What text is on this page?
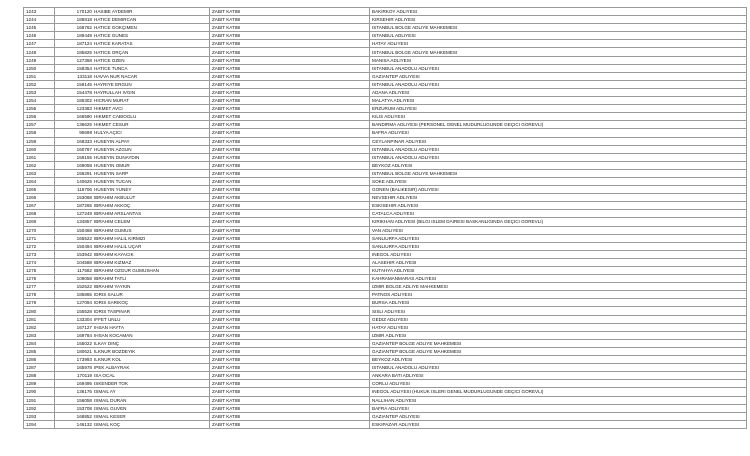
1243	170120	HASIBE AYDEMIR	ZABIT KATIBI	BAKIRKOY ADLIYESI
1244	186818	HATICE DEMIRCAN	ZABIT KATIBI	KIRSEHIR ADLIYESI
1245	166762	HATICE GOKÇIMEN	ZABIT KATIBI	ISTANBUL BOLGE ADLIYE MAHKEMESI
1246	189448	HATICE GUNES	ZABIT KATIBI	ISTANBUL ADLIYESI
1247	187124	HATICE KARATAS	ZABIT KATIBI	HATAY ADLIYESI
1248	185825	HATICE ORÇAN	ZABIT KATIBI	ISTANBUL BOLGE ADLIYE MAHKEMESI
1249	127368	HATICE OZEN	ZABIT KATIBI	MANISA ADLIYESI
1250	158354	HATICE TUNCA	ZABIT KATIBI	ISTANBUL ANADOLU ADLIYESI
1251	133118	HAVVA NUR NACAR	ZABIT KATIBI	GAZIANTEP ADLIYESI
1252	159145	HAYRIYE ERGUN	ZABIT KATIBI	ISTANBUL ANADOLU ADLIYESI
1253	154478	HAYRULLAH IVGIN	ZABIT KATIBI	ADANA ADLIYESI
1254	185302	HICRAN MURAT	ZABIT KATIBI	MALATYA ADLIYESI
1255	123383	HIKMET AVCI	ZABIT KATIBI	ERZURUM ADLIYESI
1256	166590	HIKMET CABIOGLU	ZABIT KATIBI	KILIS ADLIYESI
1257	136625	HIKMET CESUR	ZABIT KATIBI	BANDIRMA ADLIYESI (PERSONEL GENEL MUDURLUGUNDE GEÇICI GOREVLI)
1258	95698	HULYA AÇICI	ZABIT KATIBI	BAFRA ADLIYESI
1259	168333	HUSEYIN ALPAY	ZABIT KATIBI	CEYLANPINAR ADLIYESI
1260	160787	HUSEYIN AZGUN	ZABIT KATIBI	ISTANBUL ANADOLU ADLIYESI
1261	159155	HUSEYIN DUNAYDIN	ZABIT KATIBI	ISTANBUL ANADOLU ADLIYESI
1262	169058	HUSEYIN OMUR	ZABIT KATIBI	BEYKOZ ADLIYESI
1263	156291	HUSEYIN SARP	ZABIT KATIBI	ISTANBUL BOLGE ADLIYE MAHKEMESI
1264	140625	HUSEYIN TUCAN	ZABIT KATIBI	SOKE ADLIYESI
1265	116706	HUSEYIN YUNEY	ZABIT KATIBI	GONEN (BALIKESIR) ADLIYESI
1266	153068	IBRAHIM AKBULUT	ZABIT KATIBI	NEVSEHIR ADLIYESI
1267	187265	IBRAHIM AKKOÇ	ZABIT KATIBI	ESKISEHIR ADLIYESI
1268	127249	IBRAHIM ARSLANTAS	ZABIT KATIBI	CATALCA ADLIYESI
1269	134857	IBRAHIM CELEM	ZABIT KATIBI	KIRIKHAN ADLIYESI (BILGI ISLEM DAIRESI BASKANLIGINDA GEÇICI GOREVLI)
1270	150468	IBRAHIM GUMUS	ZABIT KATIBI	VAN ADLIYESI
1271	165522	IBRAHIM HALIL KIRMIZI	ZABIT KATIBI	SANLIURFA ADLIYESI
1272	150494	IBRAHIM HALIL UÇAR	ZABIT KATIBI	SANLIURFA ADLIYESI
1273	153942	IBRAHIM KAYACIK	ZABIT KATIBI	INEGOL ADLIYESI
1274	104588	IBRAHIM KIZMAZ	ZABIT KATIBI	ALASEHIR ADLIYESI
1275	117582	IBRAHIM OZGUR GUMUSHAN	ZABIT KATIBI	KUTAHYA ADLIYESI
1276	109058	IBRAHIM TATLI	ZABIT KATIBI	KAHRAMANMARAS ADLIYESI
1277	152522	IBRAHIM YAYKIN	ZABIT KATIBI	IZMIR BOLGE ADLIYE MAHKEMESI
1278	185865	IDRIS SALUR	ZABIT KATIBI	PATNOS ADLIYESI
1279	127094	IDRIS SARIKOÇ	ZABIT KATIBI	BURSA ADLIYESI
1280	155528	IDRIS TASPINAR	ZABIT KATIBI	SISLI ADLIYESI
1281	133304	IFFET UNLU	ZABIT KATIBI	GEDIZ ADLIYESI
1282	167127	IHSAN HAYTA	ZABIT KATIBI	HATAY ADLIYESI
1283	169784	IHSAN KOCAMAN	ZABIT KATIBI	IZMIR ADLIYESI
1284	155022	ILKAY DINÇ	ZABIT KATIBI	GAZIANTEP BOLGE ADLIYE MAHKEMESI
1285	180621	ILKNUR BOZDEYIK	ZABIT KATIBI	GAZIANTEP BOLGE ADLIYE MAHKEMESI
1286	173993	ILKNUR KOL	ZABIT KATIBI	BEYKOZ ADLIYESI
1287	165978	IPEK ALBAYRAK	ZABIT KATIBI	ISTANBUL ANADOLU ADLIYESI
1288	170119	ISA OCAL	ZABIT KATIBI	ANKARA BATI ADLIYESI
1289	169495	ISKENDER TOK	ZABIT KATIBI	CORLU ADLIYESI
1290	136176	ISMAIL AY	ZABIT KATIBI	INEGOL ADLIYESI (HUKUK ISLERI GENEL MUDURLUGUNDE GEÇICI GOREVLI)
1291	156058	ISMAIL DURAN	ZABIT KATIBI	NALLIHAN ADLIYESI
1292	153708	ISMAIL GUVEN	ZABIT KATIBI	BAFRA ADLIYESI
1293	168852	ISMAIL KESER	ZABIT KATIBI	GAZIANTEP ADLIYESI
1294	146132	ISMAIL KOÇ	ZABIT KATIBI	ESKIPAZAR ADLIYESI
